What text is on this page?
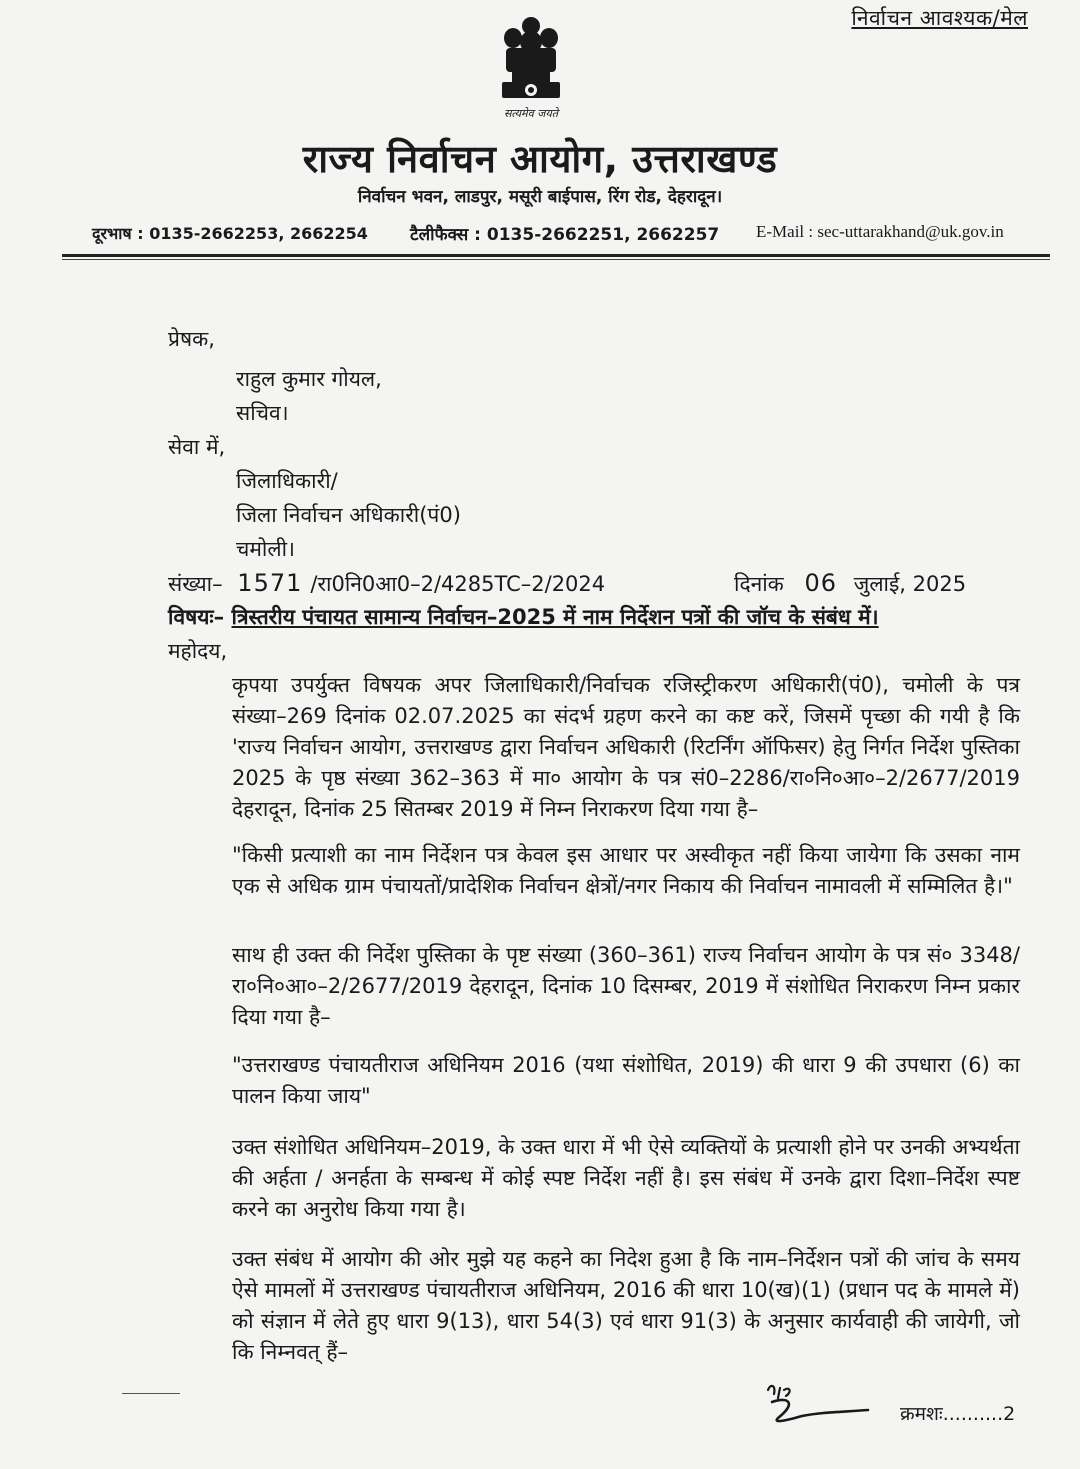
निर्वाचन आवश्यक/मेल
सत्यमेव जयते
राज्य निर्वाचन आयोग, उत्तराखण्ड
निर्वाचन भवन, लाडपुर, मसूरी बाईपास, रिंग रोड, देहरादून।
दूरभाष : 0135-2662253, 2662254 टैलीफैक्स : 0135-2662251, 2662257 E-Mail : sec-uttarakhand@uk.gov.in
प्रेषक,
राहुल कुमार गोयल,
सचिव।
सेवा में,
जिलाधिकारी/
जिला निर्वाचन अधिकारी(पं0)
चमोली।
संख्या– 1571 /रा0नि0आ0–2/4285TC–2/2024	दिनांक 06 जुलाई, 2025
विषयः– त्रिस्तरीय पंचायत सामान्य निर्वाचन–2025 में नाम निर्देशन पत्रों की जॉच के संबंध में।
महोदय,
कृपया उपर्युक्त विषयक अपर जिलाधिकारी/निर्वाचक रजिस्ट्रीकरण अधिकारी(पं0), चमोली के पत्र संख्या–269 दिनांक 02.07.2025 का संदर्भ ग्रहण करने का कष्ट करें, जिसमें पृच्छा की गयी है कि 'राज्य निर्वाचन आयोग, उत्तराखण्ड द्वारा निर्वाचन अधिकारी (रिटर्निंग ऑफिसर) हेतु निर्गत निर्देश पुस्तिका 2025 के पृष्ठ संख्या 362–363 में मा० आयोग के पत्र सं0–2286/रा०नि०आ०–2/2677/2019 देहरादून, दिनांक 25 सितम्बर 2019 में निम्न निराकरण दिया गया है–
"किसी प्रत्याशी का नाम निर्देशन पत्र केवल इस आधार पर अस्वीकृत नहीं किया जायेगा कि उसका नाम एक से अधिक ग्राम पंचायतों/प्रादेशिक निर्वाचन क्षेत्रों/नगर निकाय की निर्वाचन नामावली में सम्मिलित है।"
साथ ही उक्त की निर्देश पुस्तिका के पृष्ट संख्या (360–361) राज्य निर्वाचन आयोग के पत्र सं० 3348/रा०नि०आ०–2/2677/2019 देहरादून, दिनांक 10 दिसम्बर, 2019 में संशोधित निराकरण निम्न प्रकार दिया गया है–
"उत्तराखण्ड पंचायतीराज अधिनियम 2016 (यथा संशोधित, 2019) की धारा 9 की उपधारा (6) का पालन किया जाय"
उक्त संशोधित अधिनियम–2019, के उक्त धारा में भी ऐसे व्यक्तियों के प्रत्याशी होने पर उनकी अभ्यर्थता की अर्हता / अनर्हता के सम्बन्ध में कोई स्पष्ट निर्देश नहीं है। इस संबंध में उनके द्वारा दिशा–निर्देश स्पष्ट करने का अनुरोध किया गया है।
उक्त संबंध में आयोग की ओर मुझे यह कहने का निदेश हुआ है कि नाम–निर्देशन पत्रों की जांच के समय ऐसे मामलों में उत्तराखण्ड पंचायतीराज अधिनियम, 2016 की धारा 10(ख)(1) (प्रधान पद के मामले में) को संज्ञान में लेते हुए धारा 9(13), धारा 54(3) एवं धारा 91(3) के अनुसार कार्यवाही की जायेगी, जो कि निम्नवत् हैं–
क्रमशः..........2
